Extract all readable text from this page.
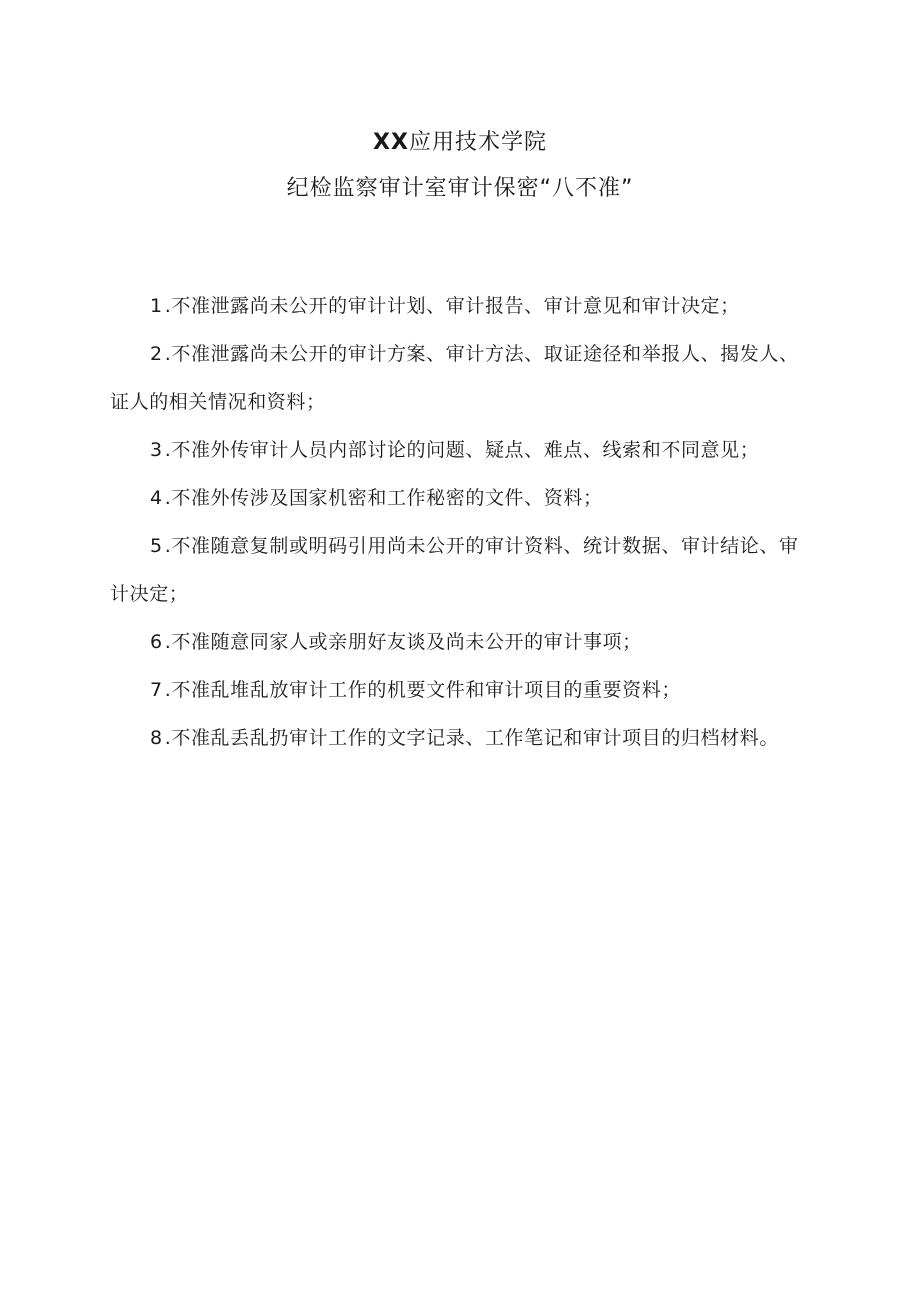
XX应用技术学院
纪检监察审计室审计保密“八不准”

1 .不准泄露尚未公开的审计计划、审计报告、审计意见和审计决定；

2 .不准泄露尚未公开的审计方案、审计方法、取证途径和举报人、揭发人、证人的相关情况和资料；

3 .不准外传审计人员内部讨论的问题、疑点、难点、线索和不同意见；

4 .不准外传涉及国家机密和工作秘密的文件、资料；

5 .不准随意复制或明码引用尚未公开的审计资料、统计数据、审计结论、审计决定；

6 .不准随意同家人或亲朋好友谈及尚未公开的审计事项；

7 .不准乱堆乱放审计工作的机要文件和审计项目的重要资料；

8 .不准乱丢乱扔审计工作的文字记录、工作笔记和审计项目的归档材料。
